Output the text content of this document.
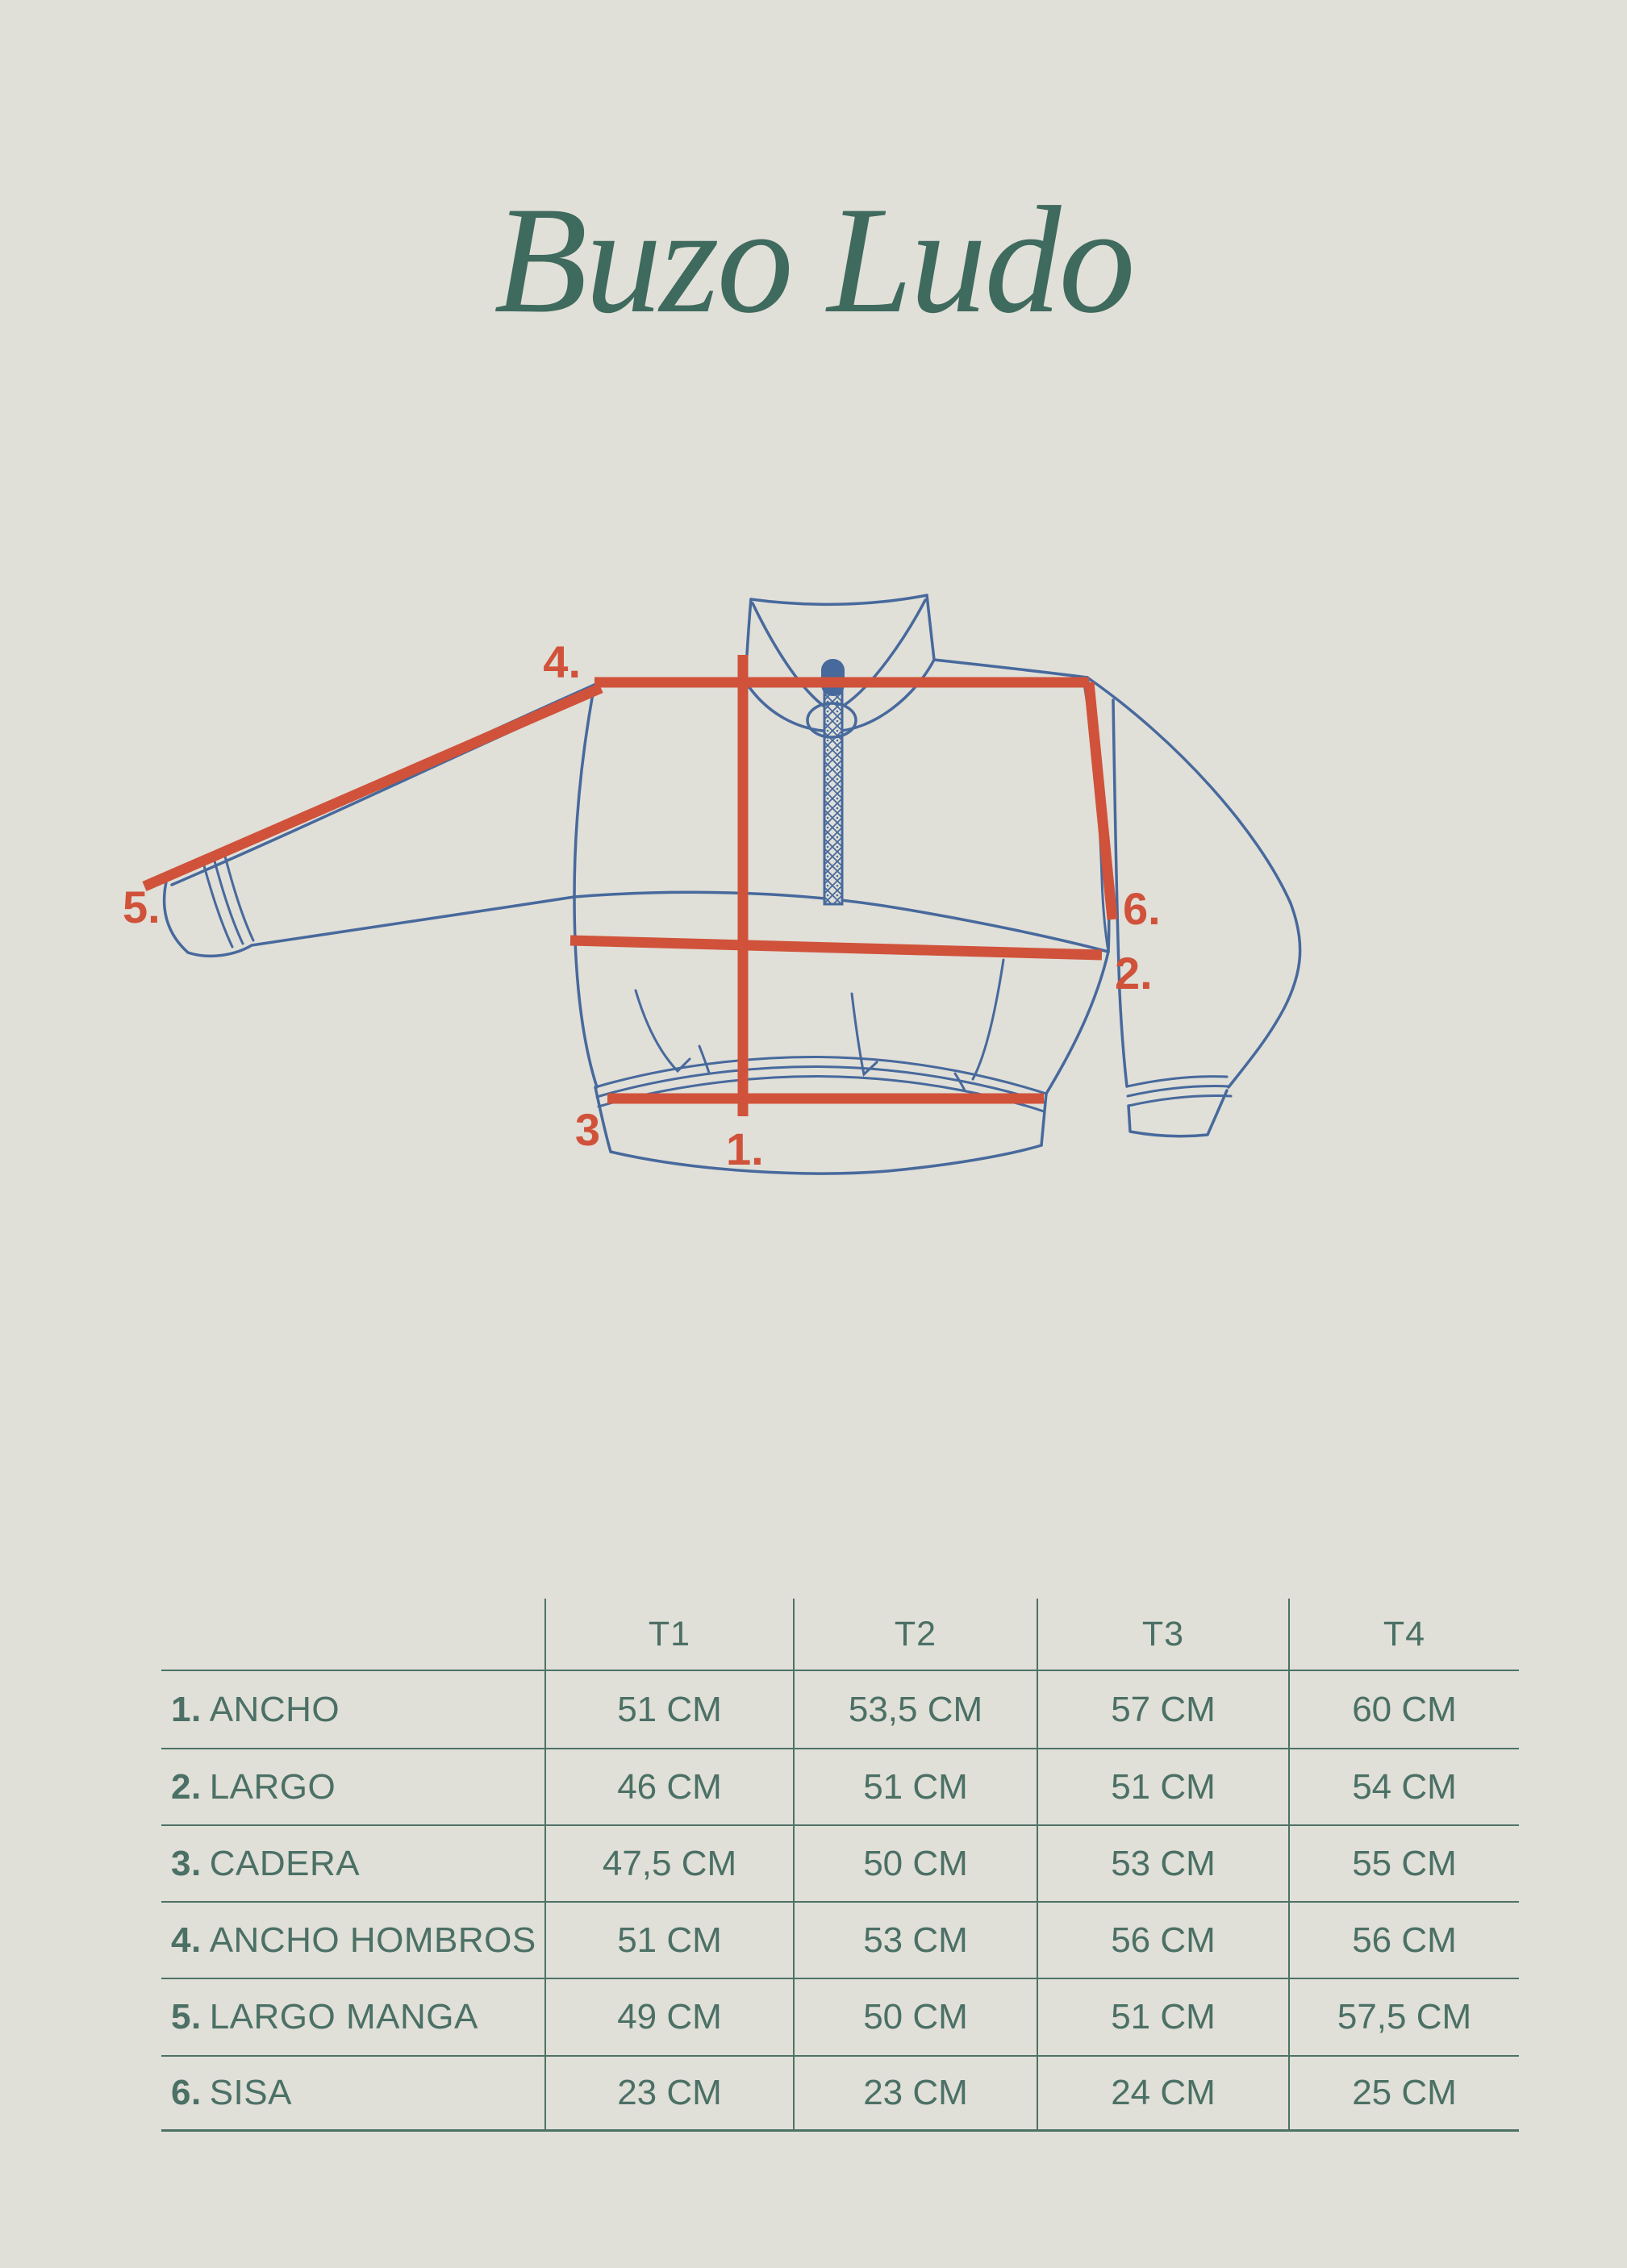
Buzo Ludo
1.
2.
3
4.
5.	6.
T1	T2	T3	T4
1. ANCHO	51 CM	53,5 CM	57 CM	60 CM
2. LARGO	46 CM	51 CM	51 CM	54 CM
3. CADERA	47,5 CM	50 CM	53 CM	55 CM
4. ANCHO HOMBROS	51 CM	53 CM	56 CM	56 CM
5. LARGO MANGA	49 CM	50 CM	51 CM	57,5 CM
6. SISA	23 CM	23 CM	24 CM	25 CM
